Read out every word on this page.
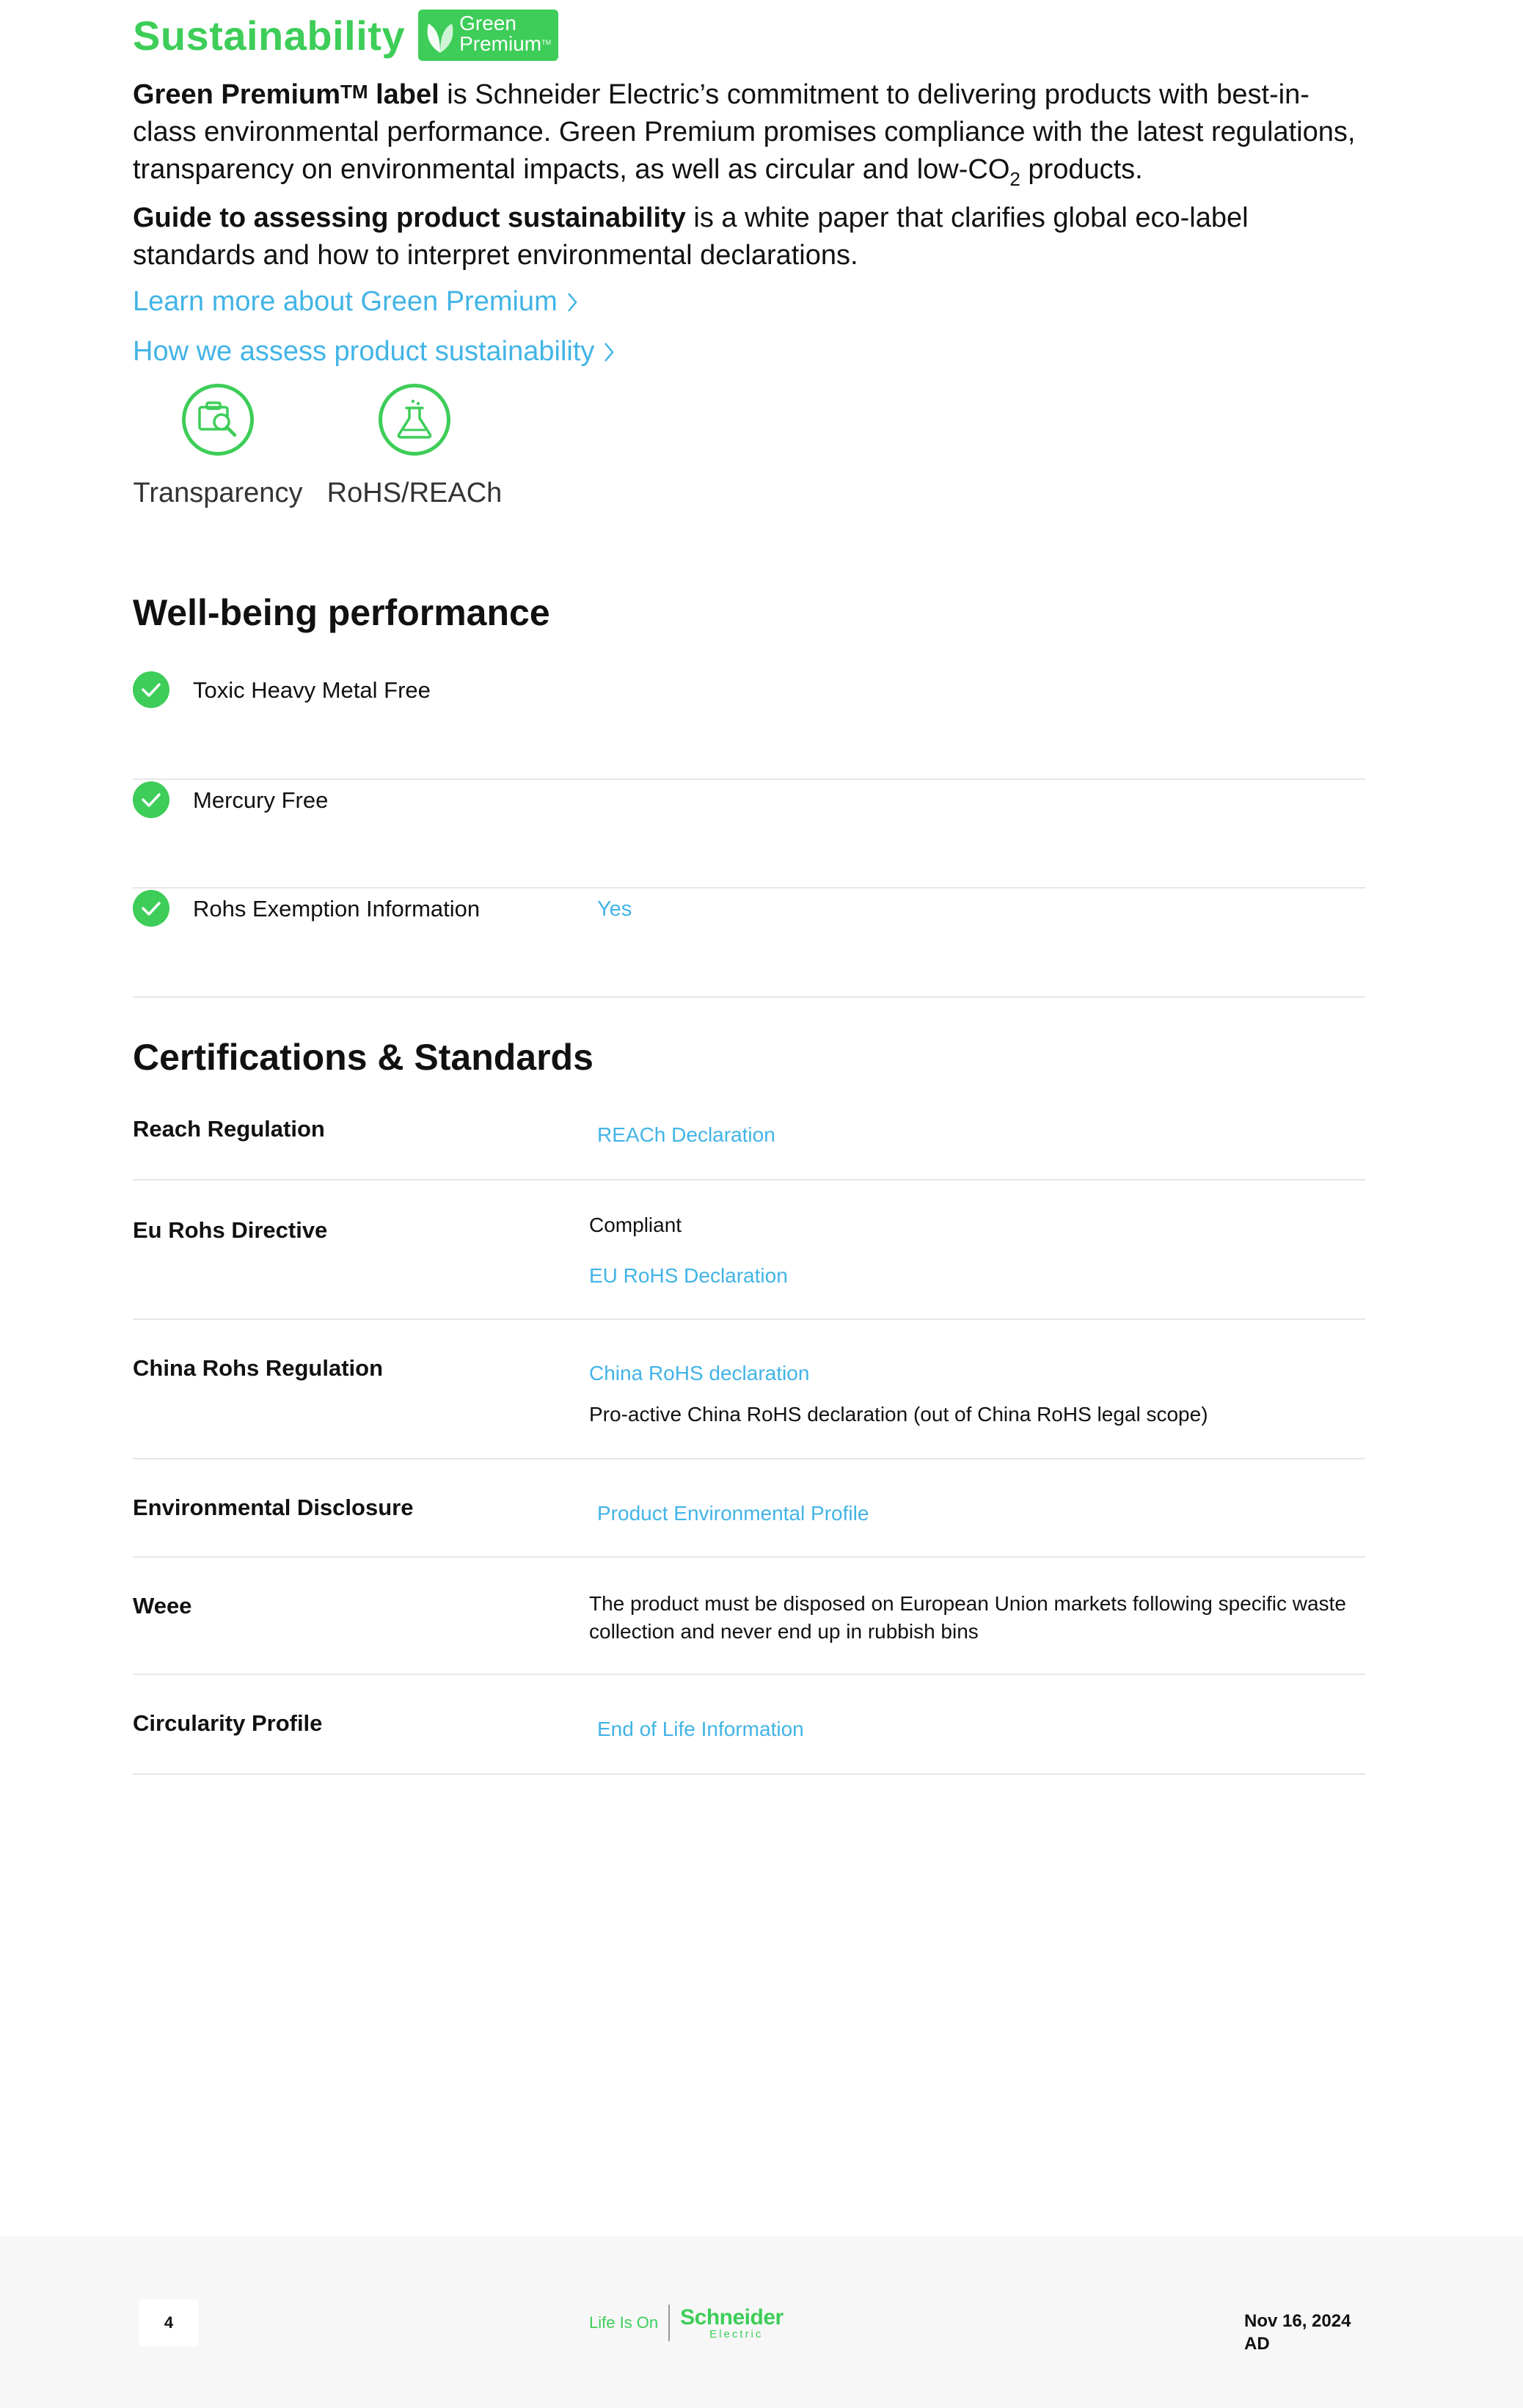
Sustainability	Green
Premium TM
Green Premium™ label is Schneider Electric’s commitment to delivering products with best-in-class environmental performance. Green Premium promises compliance with the latest regulations, transparency on environmental impacts, as well as circular and low-$CO_2$ products.
Guide to assessing product sustainability is a white paper that clarifies global eco-label standards and how to interpret environmental declarations.
Learn more about Green Premium
How we assess product sustainability
Transparency RoHS/REACh
Well-being performance
Toxic Heavy Metal Free
Mercury Free
Rohs Exemption Information	Yes
Certifications & Standards
Reach Regulation	REACh Declaration
Eu Rohs Directive	Compliant
EU RoHS Declaration
China Rohs Regulation	China RoHS declaration
Pro-active China RoHS declaration (out of China RoHS legal scope)
Environmental Disclosure	Product Environmental Profile
Weee	The product must be disposed on European Union markets following specific waste collection and never end up in rubbish bins
Circularity Profile	End of Life Information
4	Life Is On Schneider
Electric
Nov 16, 2024
AD
